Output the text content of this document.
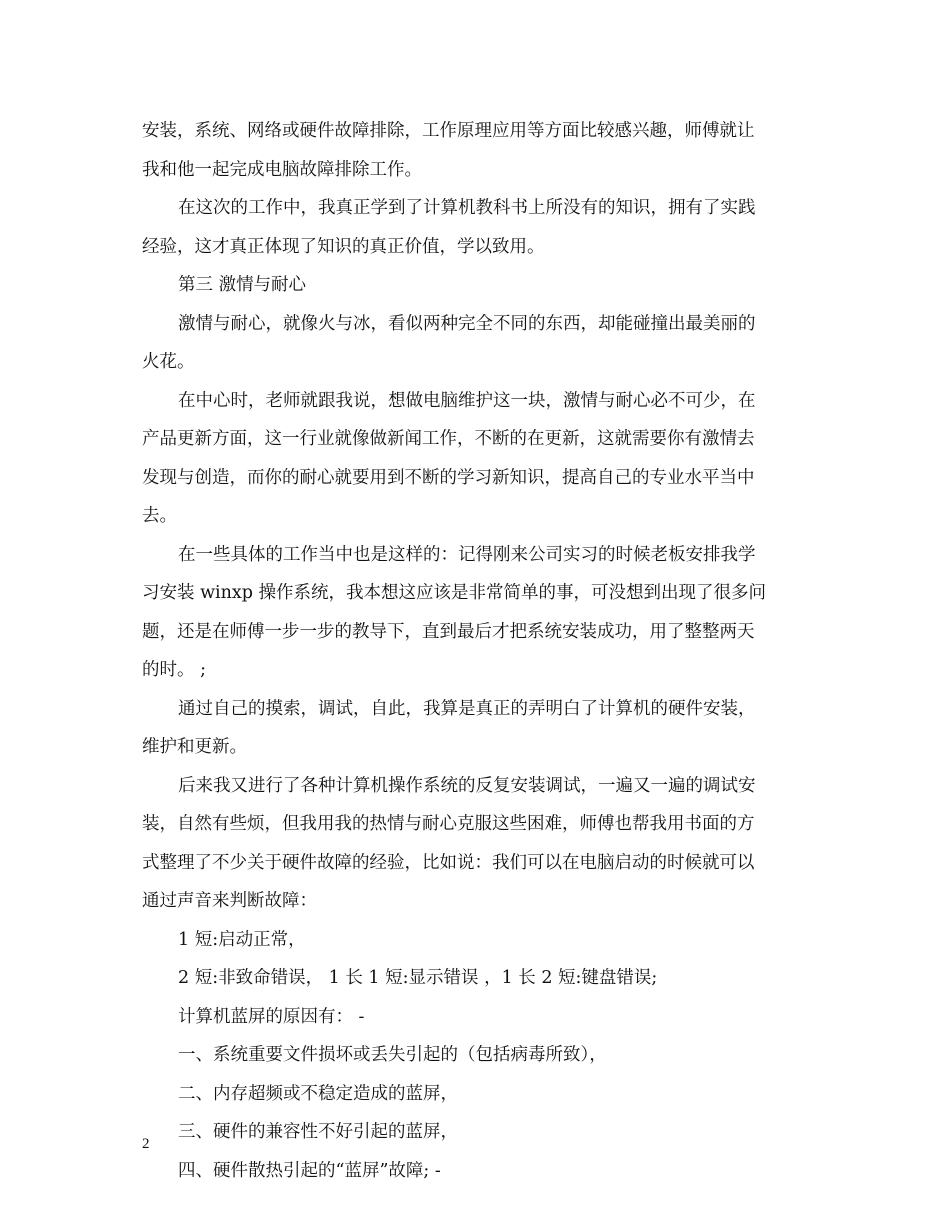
安装，系统、网络或硬件故障排除，工作原理应用等方面比较感兴趣，师傅就让
我和他一起完成电脑故障排除工作。
在这次的工作中，我真正学到了计算机教科书上所没有的知识，拥有了实践
经验，这才真正体现了知识的真正价值，学以致用。
第三 激情与耐心
激情与耐心，就像火与冰，看似两种完全不同的东西，却能碰撞出最美丽的
火花。
在中心时，老师就跟我说，想做电脑维护这一块，激情与耐心必不可少，在
产品更新方面，这一行业就像做新闻工作，不断的在更新，这就需要你有激情去
发现与创造，而你的耐心就要用到不断的学习新知识，提高自己的专业水平当中
去。
在一些具体的工作当中也是这样的：记得刚来公司实习的时候老板安排我学
习安装 winxp 操作系统，我本想这应该是非常简单的事，可没想到出现了很多问
题，还是在师傅一步一步的教导下，直到最后才把系统安装成功，用了整整两天
的时。 ;
通过自己的摸索，调试，自此，我算是真正的弄明白了计算机的硬件安装，
维护和更新。
后来我又进行了各种计算机操作系统的反复安装调试，一遍又一遍的调试安
装，自然有些烦，但我用我的热情与耐心克服这些困难，师傅也帮我用书面的方
式整理了不少关于硬件故障的经验，比如说：我们可以在电脑启动的时候就可以
通过声音来判断故障：
1 短:启动正常，
2 短:非致命错误， 1 长 1 短:显示错误 ，1 长 2 短:键盘错误;
计算机蓝屏的原因有： -
一、系统重要文件损坏或丢失引起的（包括病毒所致），
二、内存超频或不稳定造成的蓝屏，
三、硬件的兼容性不好引起的蓝屏，
四、硬件散热引起的“蓝屏”故障; -
2
